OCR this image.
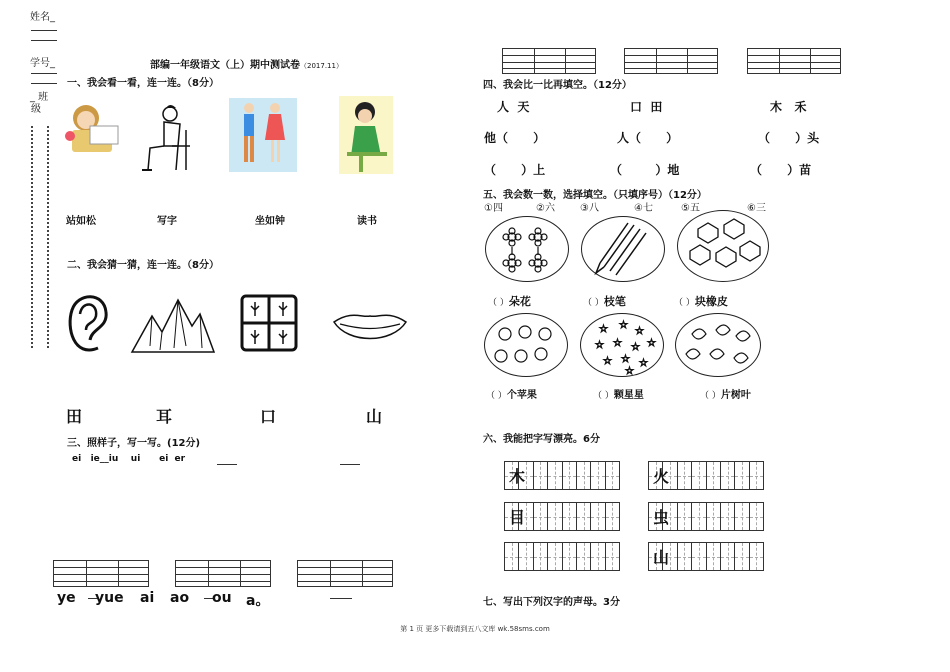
姓名_
学号_
_ 班
级
部编一年级语文（上）期中测试卷（2017.11）
一、我会看一看，连一连。（8分）
站如松	写字	坐如钟	读书
二、我会猜一猜，连一连。（8分）
田	耳	口	山
三、照样子，写一写。(12分)
ei   ie__iu    ui      ei  er
ye yue ai ao ou a。
四、我会比一比再填空。（12分）
人  天	口  田	木   禾
他（      ）	人（      ）	（      ）头
（      ）上	（        ）地	（      ）苗
五、我会数一数，选择填空。（只填序号）（12分）
①四	②六	③八	④七	⑤五	⑥三
（ ）朵花	（ ）枝笔	（ ）块橡皮
☆ ☆
☆
☆ ☆ ☆
☆ ☆ ☆
☆
☆
（ ）个苹果	（ ）颗星星	（ ）片树叶
六、我能把字写漂亮。6分
木	火
目	虫
山
七、写出下列汉字的声母。3分
第 1 页 更多下载请到五八文库 wk.58sms.com
